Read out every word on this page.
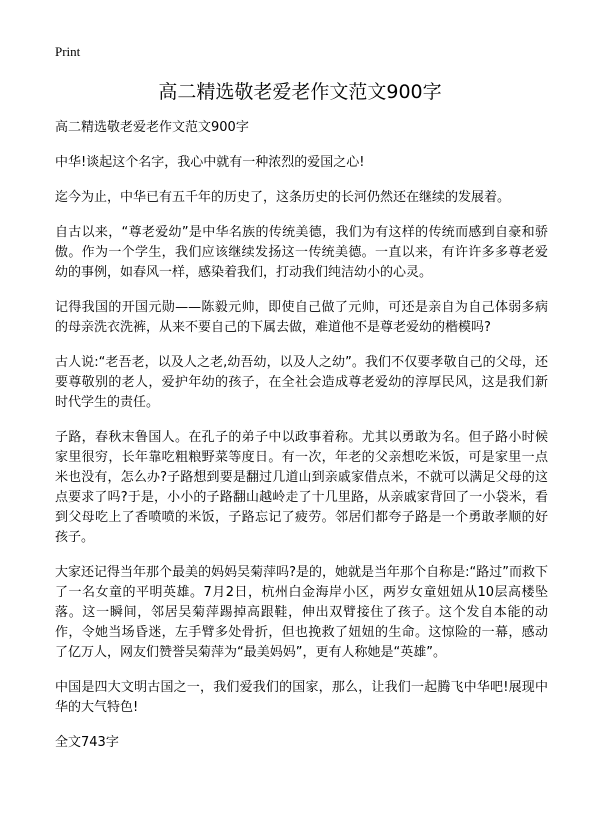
Print
高二精选敬老爱老作文范文900字

高二精选敬老爱老作文范文900字

中华!谈起这个名字，我心中就有一种浓烈的爱国之心!

迄今为止，中华已有五千年的历史了，这条历史的长河仍然还在继续的发展着。

自古以来，“尊老爱幼”是中华名族的传统美德，我们为有这样的传统而感到自豪和骄傲。作为一个学生，我们应该继续发扬这一传统美德。一直以来，有许许多多尊老爱幼的事例，如春风一样，感染着我们，打动我们纯洁幼小的心灵。

记得我国的开国元勋——陈毅元帅，即使自己做了元帅，可还是亲自为自己体弱多病的母亲洗衣洗裤，从来不要自己的下属去做，难道他不是尊老爱幼的楷模吗?

古人说:“老吾老，以及人之老,幼吾幼，以及人之幼”。我们不仅要孝敬自己的父母，还要尊敬别的老人，爱护年幼的孩子，在全社会造成尊老爱幼的淳厚民风，这是我们新时代学生的责任。

子路，春秋末鲁国人。在孔子的弟子中以政事着称。尤其以勇敢为名。但子路小时候家里很穷，长年靠吃粗粮野菜等度日。有一次，年老的父亲想吃米饭，可是家里一点米也没有，怎么办?子路想到要是翻过几道山到亲戚家借点米，不就可以满足父母的这点要求了吗?于是，小小的子路翻山越岭走了十几里路，从亲戚家背回了一小袋米，看到父母吃上了香喷喷的米饭，子路忘记了疲劳。邻居们都夸子路是一个勇敢孝顺的好孩子。

大家还记得当年那个最美的妈妈吴菊萍吗?是的，她就是当年那个自称是:“路过”而救下了一名女童的平明英雄。7月2日，杭州白金海岸小区，两岁女童妞妞从10层高楼坠落。这一瞬间，邻居吴菊萍踢掉高跟鞋，伸出双臂接住了孩子。这个发自本能的动作，令她当场昏迷，左手臂多处骨折，但也挽救了妞妞的生命。这惊险的一幕，感动了亿万人，网友们赞誉吴菊萍为“最美妈妈”，更有人称她是“英雄”。

中国是四大文明古国之一，我们爱我们的国家，那么，让我们一起腾飞中华吧!展现中华的大气特色!

全文743字
